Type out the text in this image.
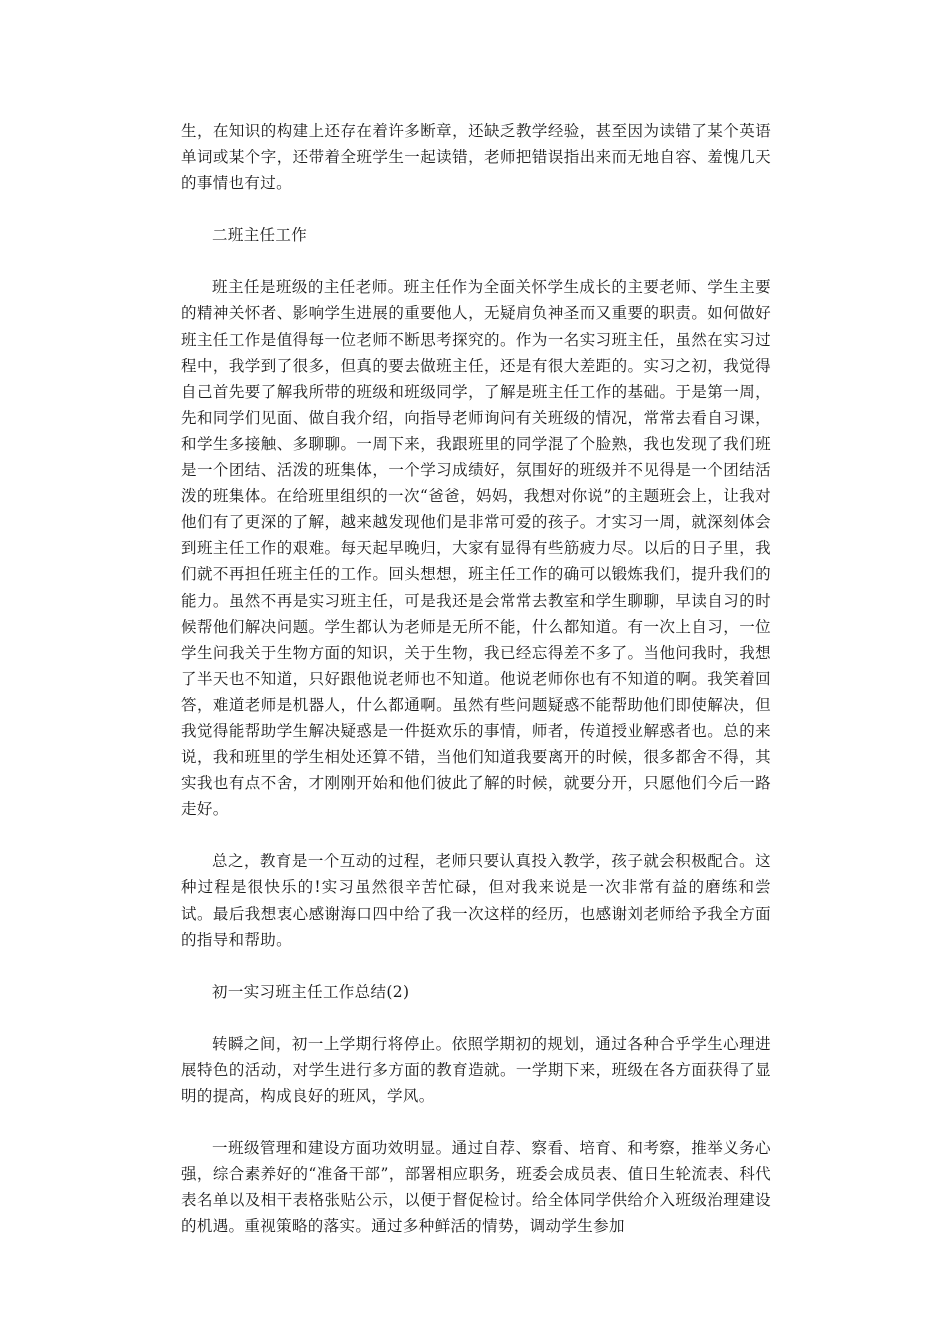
生，在知识的构建上还存在着许多断章，还缺乏教学经验，甚至因为读错了某个英语单词或某个字，还带着全班学生一起读错，老师把错误指出来而无地自容、羞愧几天的事情也有过。

二班主任工作

班主任是班级的主任老师。班主任作为全面关怀学生成长的主要老师、学生主要的精神关怀者、影响学生进展的重要他人，无疑肩负神圣而又重要的职责。如何做好班主任工作是值得每一位老师不断思考探究的。作为一名实习班主任，虽然在实习过程中，我学到了很多，但真的要去做班主任，还是有很大差距的。实习之初，我觉得自己首先要了解我所带的班级和班级同学，了解是班主任工作的基础。于是第一周，先和同学们见面、做自我介绍，向指导老师询问有关班级的情况，常常去看自习课，和学生多接触、多聊聊。一周下来，我跟班里的同学混了个脸熟，我也发现了我们班是一个团结、活泼的班集体，一个学习成绩好，氛围好的班级并不见得是一个团结活泼的班集体。在给班里组织的一次“爸爸，妈妈，我想对你说”的主题班会上，让我对他们有了更深的了解，越来越发现他们是非常可爱的孩子。才实习一周，就深刻体会到班主任工作的艰难。每天起早晚归，大家有显得有些筋疲力尽。以后的日子里，我们就不再担任班主任的工作。回头想想，班主任工作的确可以锻炼我们，提升我们的能力。虽然不再是实习班主任，可是我还是会常常去教室和学生聊聊，早读自习的时候帮他们解决问题。学生都认为老师是无所不能，什么都知道。有一次上自习，一位学生问我关于生物方面的知识，关于生物，我已经忘得差不多了。当他问我时，我想了半天也不知道，只好跟他说老师也不知道。他说老师你也有不知道的啊。我笑着回答，难道老师是机器人，什么都通啊。虽然有些问题疑惑不能帮助他们即使解决，但我觉得能帮助学生解决疑惑是一件挺欢乐的事情，师者，传道授业解惑者也。总的来说，我和班里的学生相处还算不错，当他们知道我要离开的时候，很多都舍不得，其实我也有点不舍，才刚刚开始和他们彼此了解的时候，就要分开，只愿他们今后一路走好。

总之，教育是一个互动的过程，老师只要认真投入教学，孩子就会积极配合。这种过程是很快乐的!实习虽然很辛苦忙碌，但对我来说是一次非常有益的磨练和尝试。最后我想衷心感谢海口四中给了我一次这样的经历，也感谢刘老师给予我全方面的指导和帮助。

初一实习班主任工作总结(2)

转瞬之间，初一上学期行将停止。依照学期初的规划，通过各种合乎学生心理进展特色的活动，对学生进行多方面的教育造就。一学期下来，班级在各方面获得了显明的提高，构成良好的班风，学风。

一班级管理和建设方面功效明显。通过自荐、察看、培育、和考察，推举义务心强，综合素养好的“准备干部”，部署相应职务，班委会成员表、值日生轮流表、科代表名单以及相干表格张贴公示，以便于督促检讨。给全体同学供给介入班级治理建设的机遇。重视策略的落实。通过多种鲜活的情势，调动学生参加
